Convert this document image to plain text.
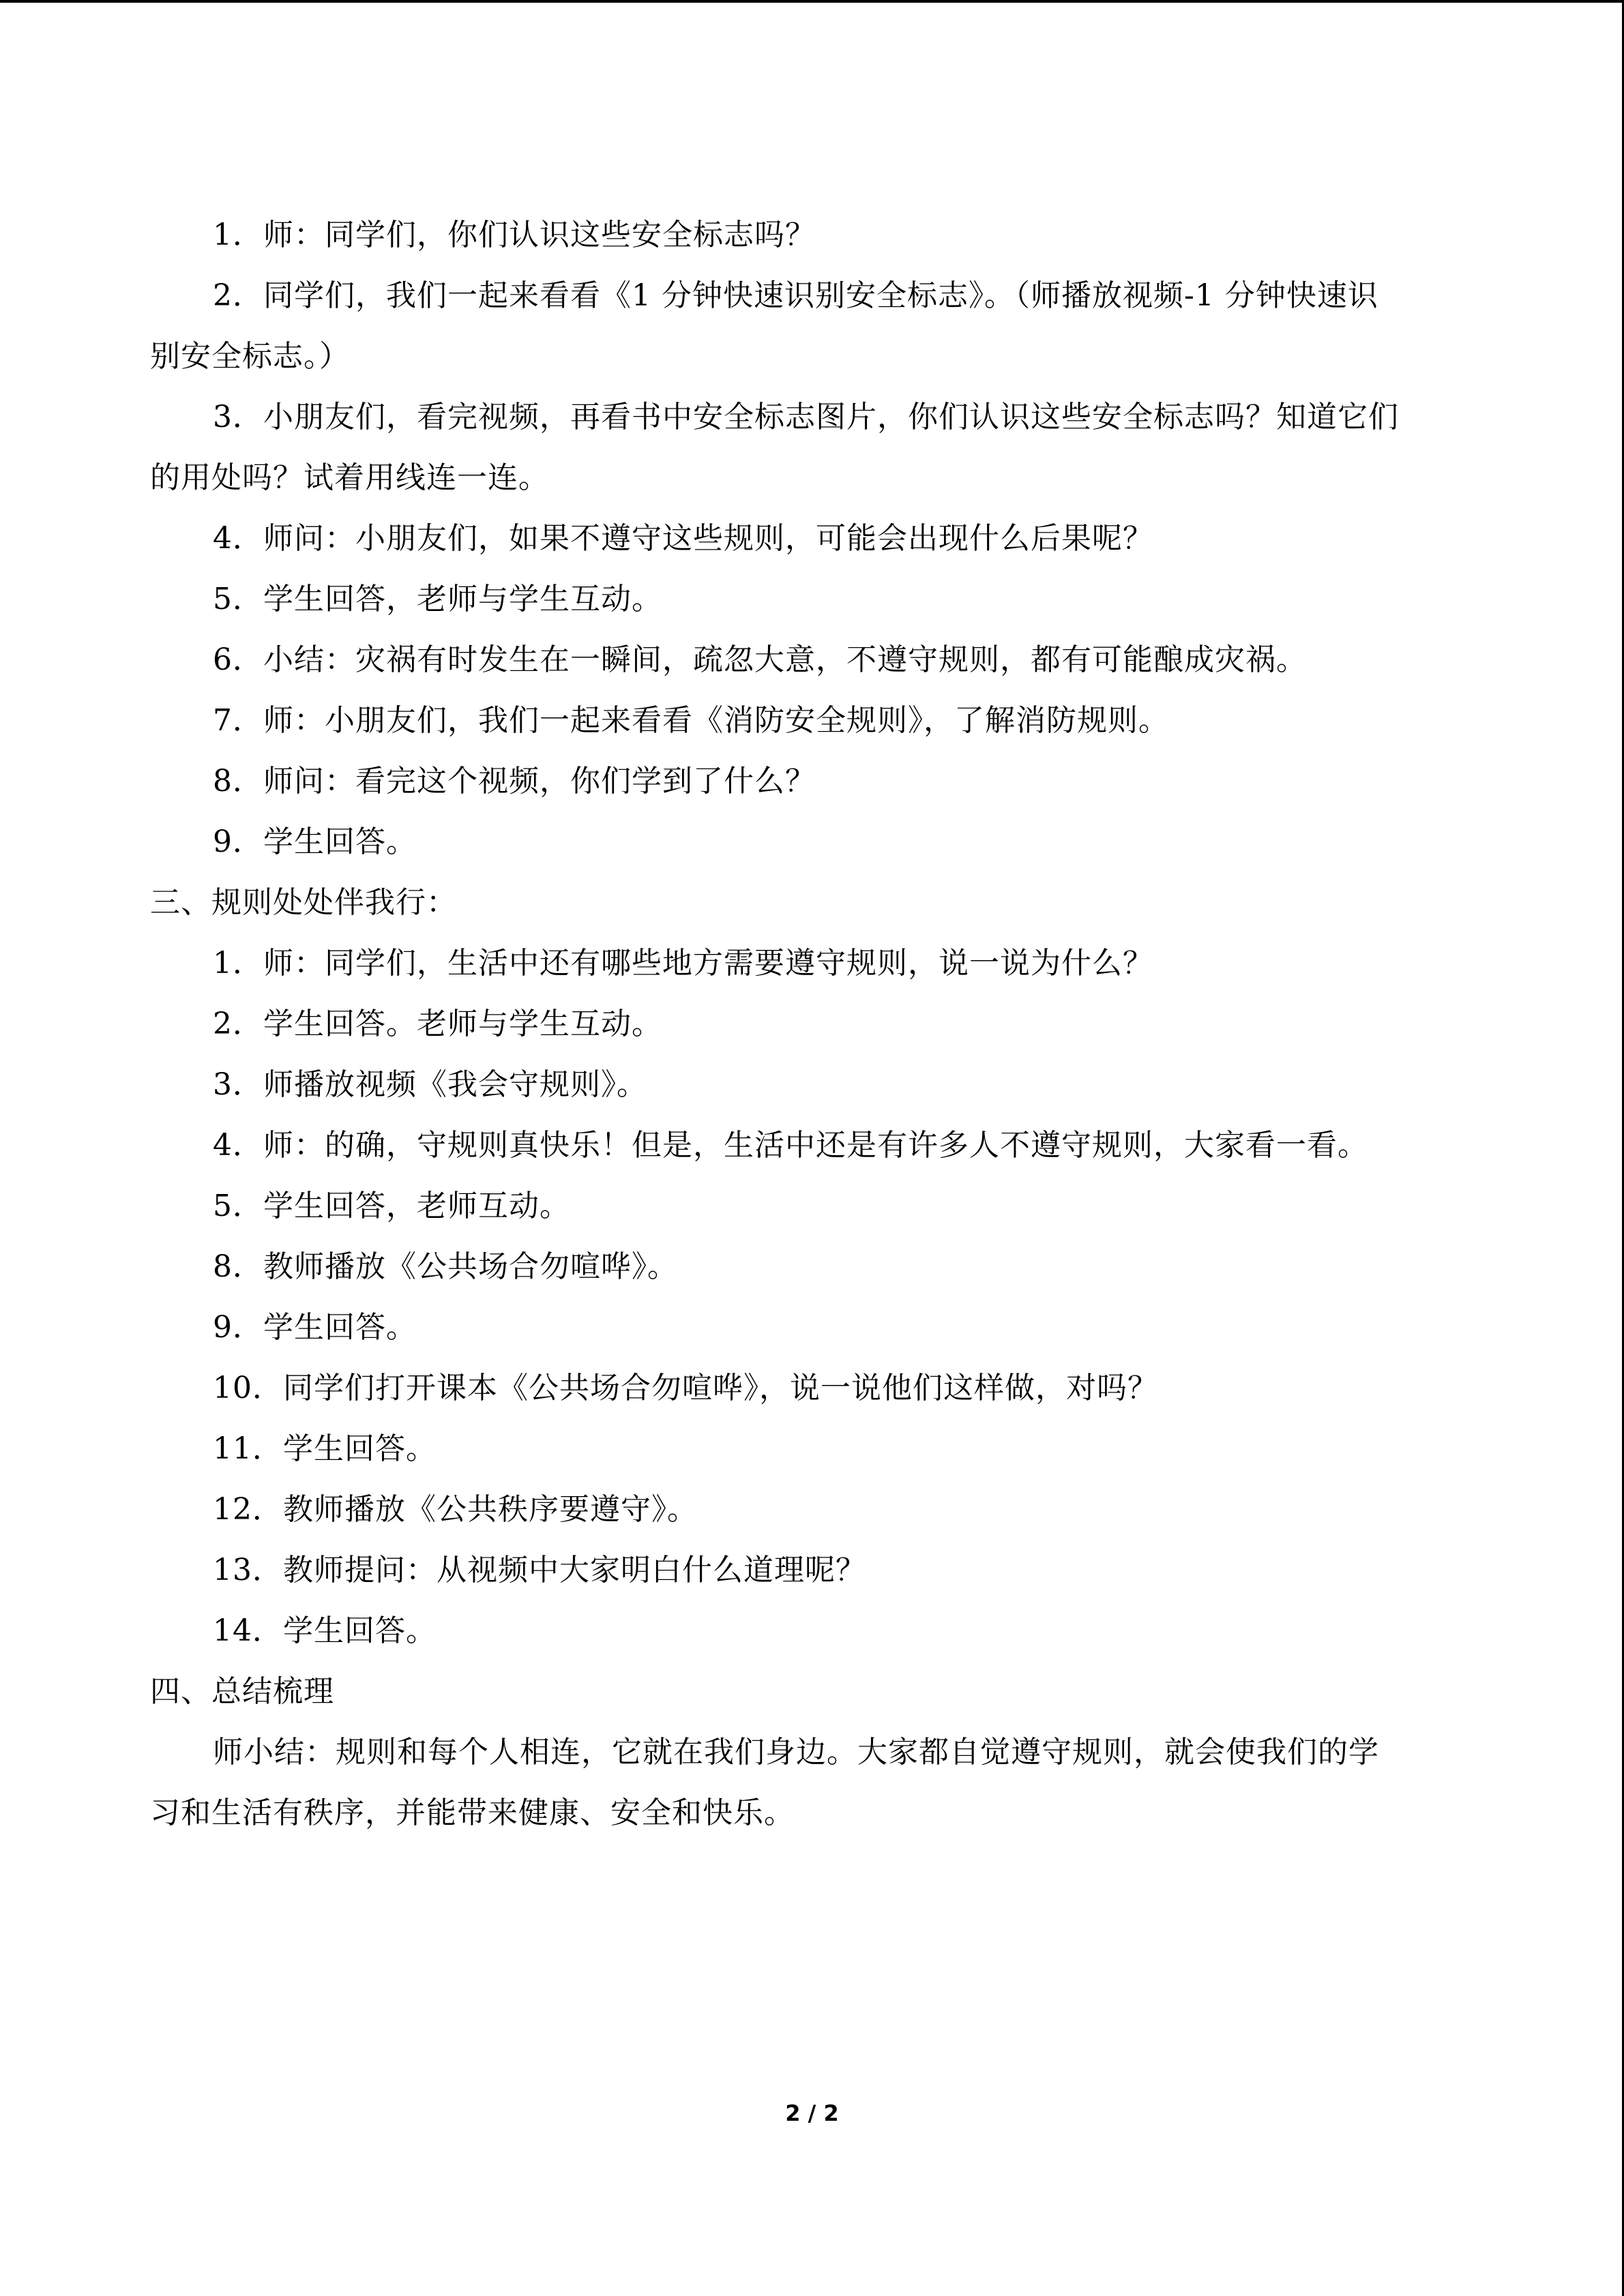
1．师：同学们，你们认识这些安全标志吗？
2．同学们，我们一起来看看《1 分钟快速识别安全标志》。（师播放视频-1 分钟快速识
别安全标志。）
3．小朋友们，看完视频，再看书中安全标志图片，你们认识这些安全标志吗？知道它们
的用处吗？试着用线连一连。
4．师问：小朋友们，如果不遵守这些规则，可能会出现什么后果呢？
5．学生回答，老师与学生互动。
6．小结：灾祸有时发生在一瞬间，疏忽大意，不遵守规则，都有可能酿成灾祸。
7．师：小朋友们，我们一起来看看《消防安全规则》，了解消防规则。
8．师问：看完这个视频，你们学到了什么？
9．学生回答。
三、规则处处伴我行：
1．师：同学们，生活中还有哪些地方需要遵守规则，说一说为什么？
2．学生回答。老师与学生互动。
3．师播放视频《我会守规则》。
4．师：的确，守规则真快乐！但是，生活中还是有许多人不遵守规则，大家看一看。
5．学生回答，老师互动。
8．教师播放《公共场合勿喧哗》。
9．学生回答。
10．同学们打开课本《公共场合勿喧哗》，说一说他们这样做，对吗？
11．学生回答。
12．教师播放《公共秩序要遵守》。
13．教师提问：从视频中大家明白什么道理呢？
14．学生回答。
四、总结梳理
师小结：规则和每个人相连，它就在我们身边。大家都自觉遵守规则，就会使我们的学
习和生活有秩序，并能带来健康、安全和快乐。
2 / 2
